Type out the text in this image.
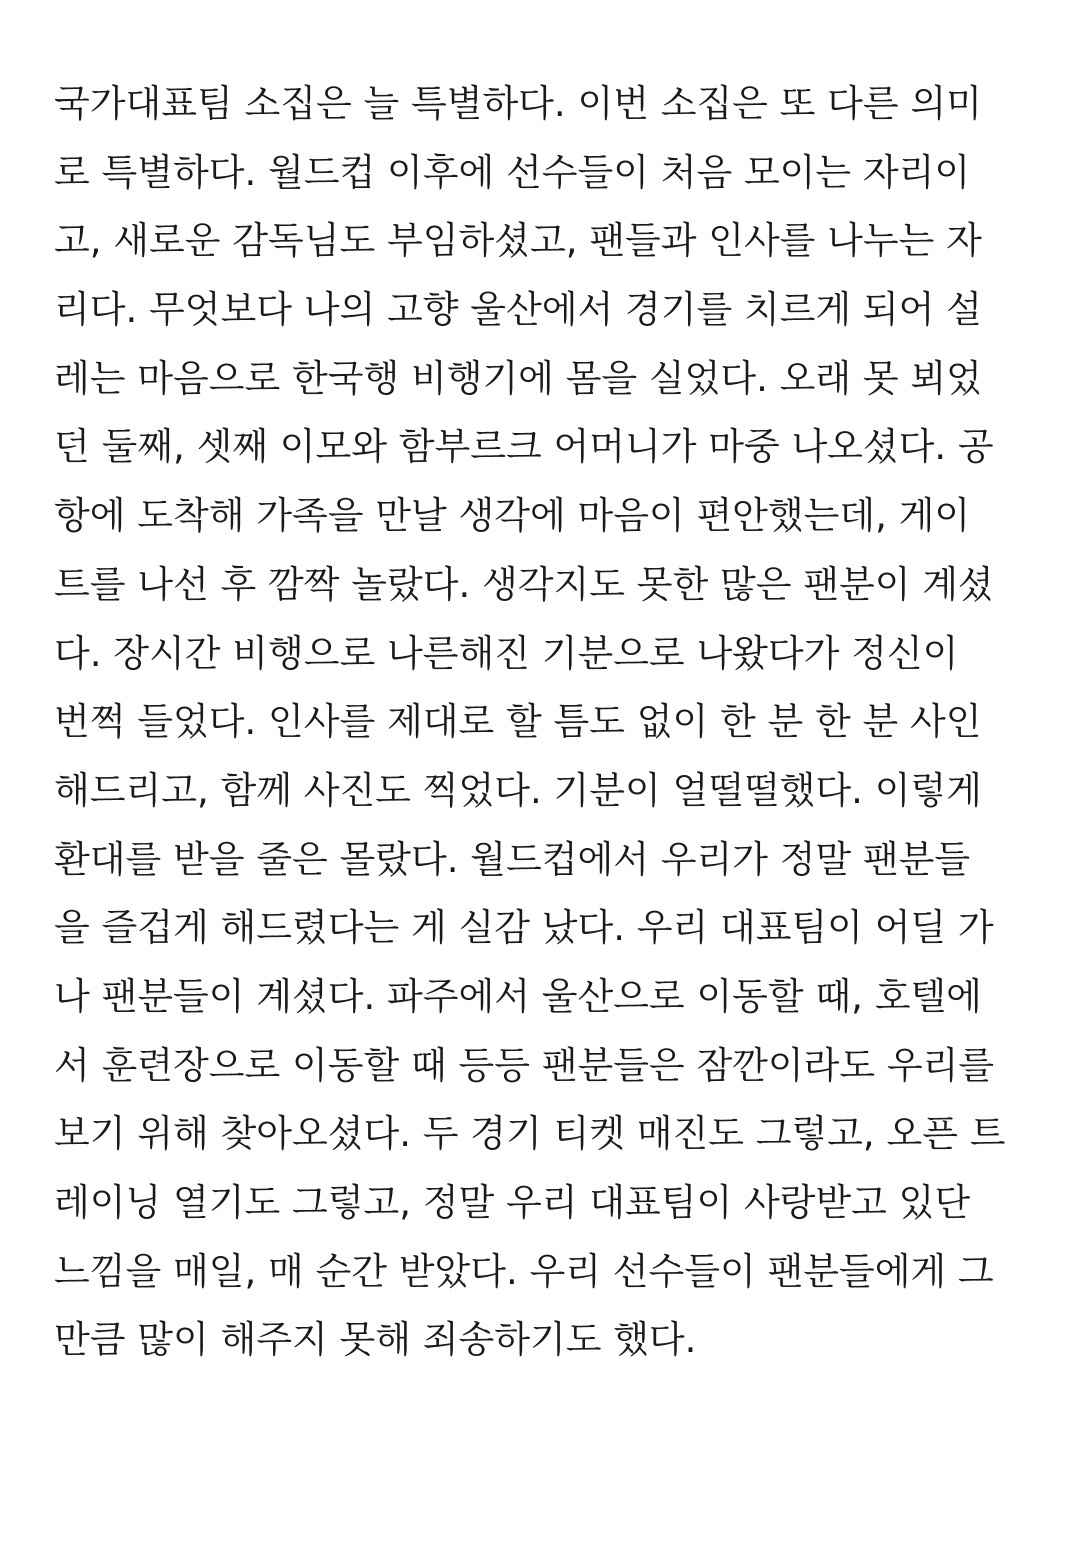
국가대표팀 소집은 늘 특별하다. 이번 소집은 또 다른 의미
로 특별하다. 월드컵 이후에 선수들이 처음 모이는 자리이
고, 새로운 감독님도 부임하셨고, 팬들과 인사를 나누는 자
리다. 무엇보다 나의 고향 울산에서 경기를 치르게 되어 설
레는 마음으로 한국행 비행기에 몸을 실었다. 오래 못 뵈었
던 둘째, 셋째 이모와 함부르크 어머니가 마중 나오셨다. 공
항에 도착해 가족을 만날 생각에 마음이 편안했는데, 게이
트를 나선 후 깜짝 놀랐다. 생각지도 못한 많은 팬분이 계셨
다. 장시간 비행으로 나른해진 기분으로 나왔다가 정신이
번쩍 들었다. 인사를 제대로 할 틈도 없이 한 분 한 분 사인
해드리고, 함께 사진도 찍었다. 기분이 얼떨떨했다. 이렇게
환대를 받을 줄은 몰랐다. 월드컵에서 우리가 정말 팬분들
을 즐겁게 해드렸다는 게 실감 났다. 우리 대표팀이 어딜 가
나 팬분들이 계셨다. 파주에서 울산으로 이동할 때, 호텔에
서 훈련장으로 이동할 때 등등 팬분들은 잠깐이라도 우리를
보기 위해 찾아오셨다. 두 경기 티켓 매진도 그렇고, 오픈 트
레이닝 열기도 그렇고, 정말 우리 대표팀이 사랑받고 있단
느낌을 매일, 매 순간 받았다. 우리 선수들이 팬분들에게 그
만큼 많이 해주지 못해 죄송하기도 했다.
